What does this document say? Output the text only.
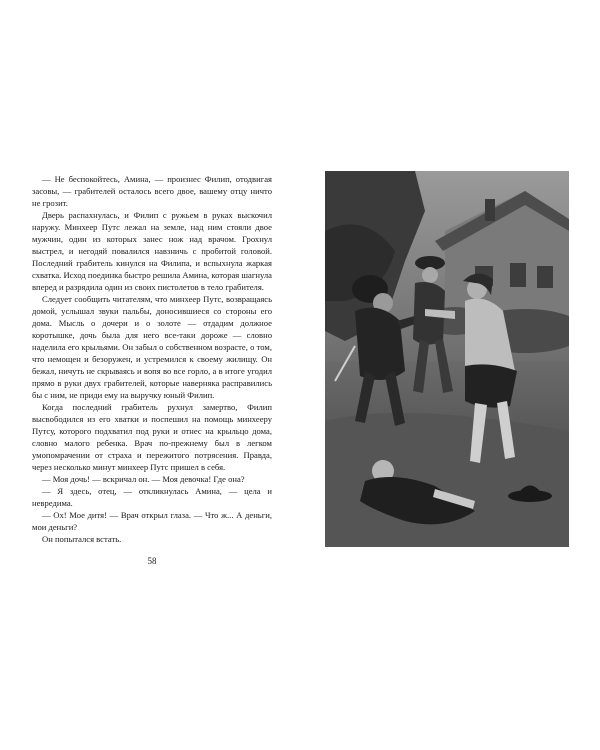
— Не беспокойтесь, Амина, — произнес Филип, отодвигая засовы, — грабителей осталось всего двое, вашему отцу ничто не грозит.

Дверь распахнулась, и Филип с ружьем в руках выскочил наружу. Минхеер Путс лежал на земле, над ним стояли двое мужчин, один из которых занес нож над врачом. Грохнул выстрел, и негодяй повалился навзничь с пробитой головой. Последний грабитель кинулся на Филипа, и вспыхнула жаркая схватка. Исход поединка быстро решила Амина, которая шагнула вперед и разрядила один из своих пистолетов в тело грабителя.

Следует сообщить читателям, что минхеер Путс, возвращаясь домой, услышал звуки пальбы, доносившиеся со стороны его дома. Мысль о дочери и о золоте — отдадим должное коротышке, дочь была для него все-таки дороже — словно наделила его крыльями. Он забыл о собственном возрасте, о том, что немощен и безоружен, и устремился к своему жилищу. Он бежал, ничуть не скрываясь и вопя во все горло, а в итоге угодил прямо в руки двух грабителей, которые наверняка расправились бы с ним, не приди ему на выручку юный Филип.

Когда последний грабитель рухнул замертво, Филип высвободился из его хватки и поспешил на помощь минхееру Путсу, которого подхватил под руки и отнес на крыльцо дома, словно малого ребенка. Врач по-прежнему был в легком умопомрачении от страха и пережитого потрясения. Правда, через несколько минут минхеер Путс пришел в себя.

— Моя дочь! — вскричал он. — Моя девочка! Где она?

— Я здесь, отец, — откликнулась Амина, — цела и невредима.

— Ох! Мое дитя! — Врач открыл глаза. — Что ж... А деньги, мои деньги?

Он попытался встать.

58
